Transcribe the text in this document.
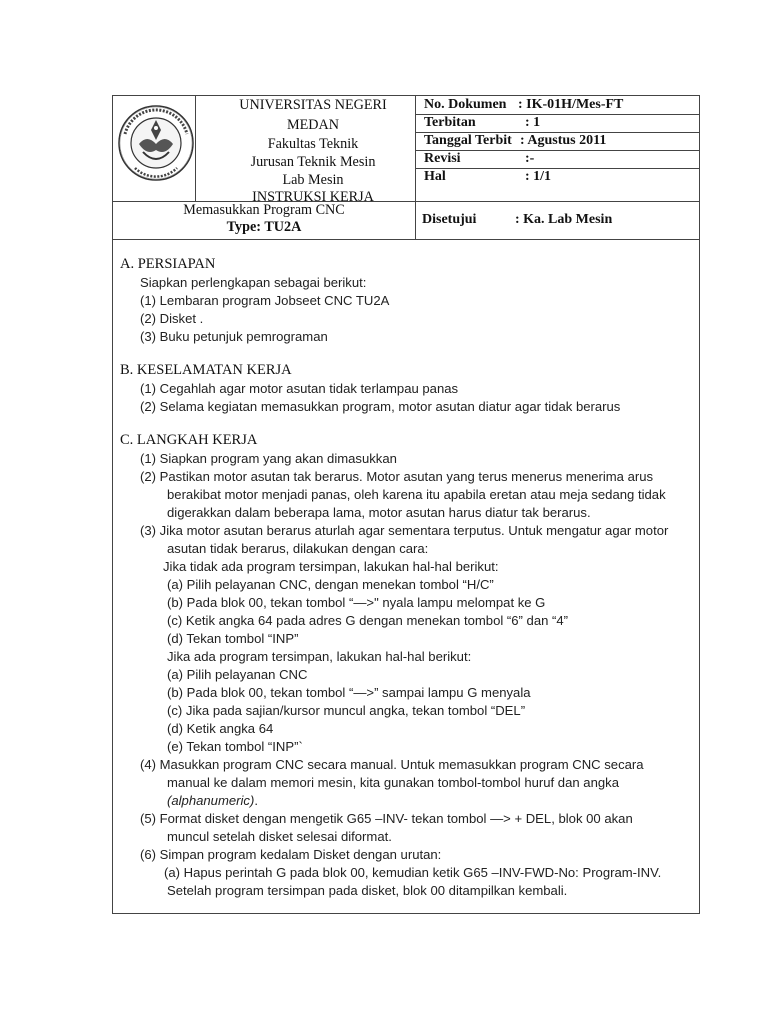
UNIVERSITAS NEGERI
MEDAN
Fakultas Teknik
Jurusan Teknik Mesin
Lab Mesin
INSTRUKSI KERJA
No. Dokumen : IK-01H/Mes-FT
Terbitan	: 1
Tanggal Terbit : Agustus 2011
Revisi	:-
Hal	: 1/1
Memasukkan Program CNC
Type: TU2A	Disetujui	: Ka. Lab Mesin
A. PERSIAPAN
Siapkan perlengkapan sebagai berikut:
(1) Lembaran program Jobseet CNC TU2A
(2) Disket .
(3) Buku petunjuk pemrograman
B. KESELAMATAN KERJA
(1) Cegahlah agar motor asutan tidak terlampau panas
(2) Selama kegiatan memasukkan program, motor asutan diatur agar tidak berarus
C. LANGKAH KERJA
(1) Siapkan program yang akan dimasukkan
(2) Pastikan motor asutan tak berarus. Motor asutan yang terus menerus menerima arus
berakibat motor menjadi panas, oleh karena itu apabila eretan atau meja sedang tidak
digerakkan dalam beberapa lama, motor asutan harus diatur tak berarus.
(3) Jika motor asutan berarus aturlah agar sementara terputus. Untuk mengatur agar motor
asutan tidak berarus, dilakukan dengan cara:
Jika tidak ada program tersimpan, lakukan hal-hal berikut:
(a) Pilih pelayanan CNC, dengan menekan tombol “H/C”
(b) Pada blok 00, tekan tombol “—>" nyala lampu melompat ke G
(c) Ketik angka 64 pada adres G dengan menekan tombol “6” dan “4”
(d) Tekan tombol “INP”
Jika ada program tersimpan, lakukan hal-hal berikut:
(a) Pilih pelayanan CNC
(b) Pada blok 00, tekan tombol “—>” sampai lampu G menyala
(c) Jika pada sajian/kursor muncul angka, tekan tombol “DEL”
(d) Ketik angka 64
(e) Tekan tombol “INP”`
(4) Masukkan program CNC secara manual. Untuk memasukkan program CNC secara
manual ke dalam memori mesin, kita gunakan tombol-tombol huruf dan angka
(alphanumeric).
(5) Format disket dengan mengetik G65 –INV- tekan tombol —> + DEL, blok 00 akan
muncul setelah disket selesai diformat.
(6) Simpan program kedalam Disket dengan urutan:
(a) Hapus perintah G pada blok 00, kemudian ketik G65 –INV-FWD-No: Program-INV.
Setelah program tersimpan pada disket, blok 00 ditampilkan kembali.
